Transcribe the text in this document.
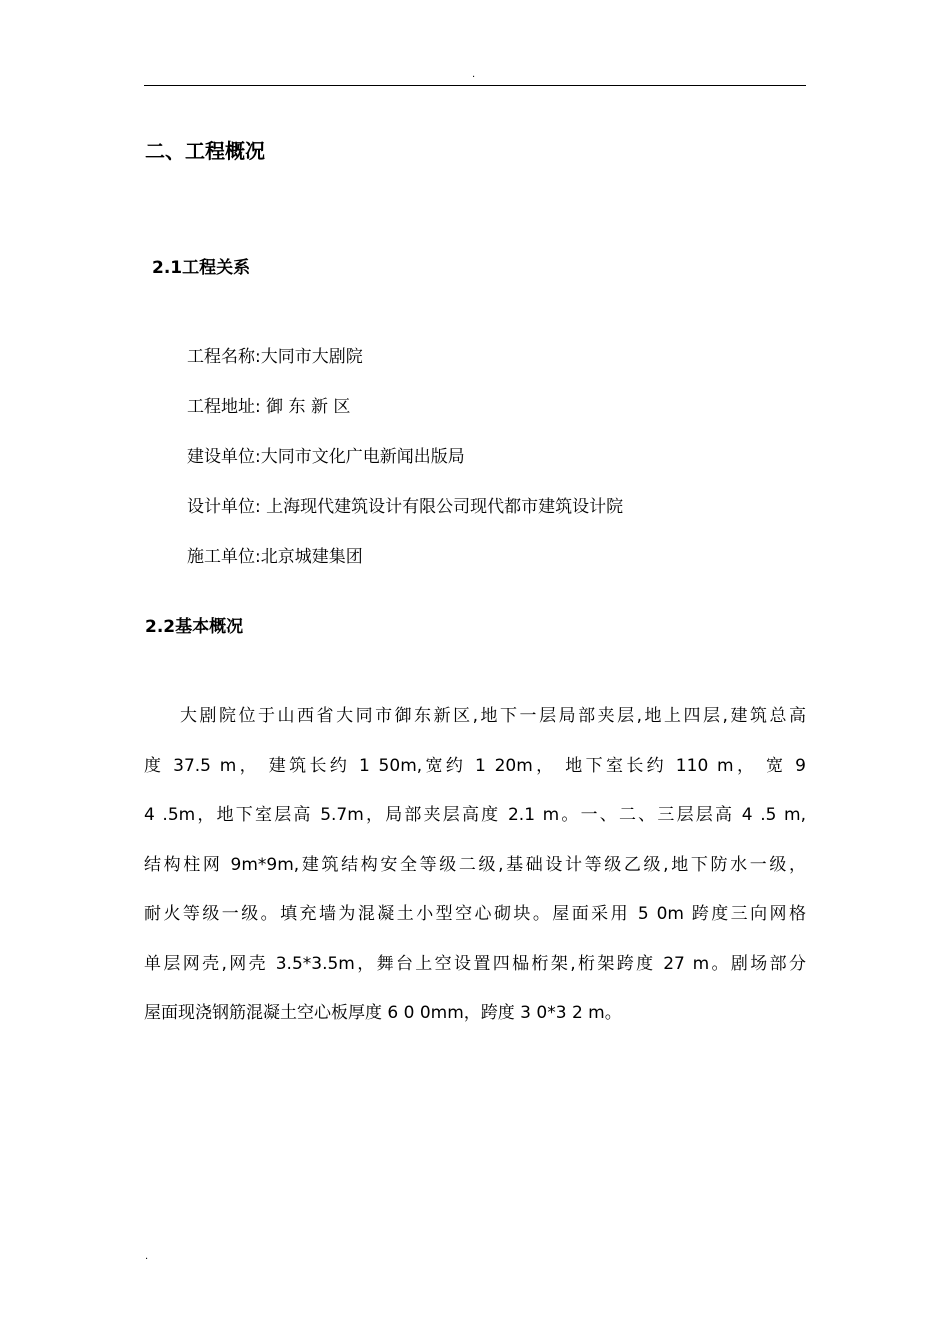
.
二、工程概况
2.1工程关系
工程名称:大同市大剧院
工程地址: 御 东 新 区
建设单位:大同市文化广电新闻出版局
设计单位: 上海现代建筑设计有限公司现代都市建筑设计院
施工单位:北京城建集团
2.2基本概况
大剧院位于山西省大同市御东新区,地下一层局部夹层,地上四层,建筑总高
度 37.5 m， 建筑长约 1 50m,宽约 1 20m， 地下室长约 110 m， 宽 9
4 .5m，地下室层高 5.7m，局部夹层高度 2.1 m。一、二、三层层高 4 .5 m,
结构柱网 9m*9m,建筑结构安全等级二级,基础设计等级乙级,地下防水一级，
耐火等级一级。填充墙为混凝土小型空心砌块。屋面采用 5 0m 跨度三向网格
单层网壳,网壳 3.5*3.5m，舞台上空设置四榀桁架,桁架跨度 27 m。剧场部分
屋面现浇钢筋混凝土空心板厚度 6 0 0mm，跨度 3 0*3 2 m。
.
